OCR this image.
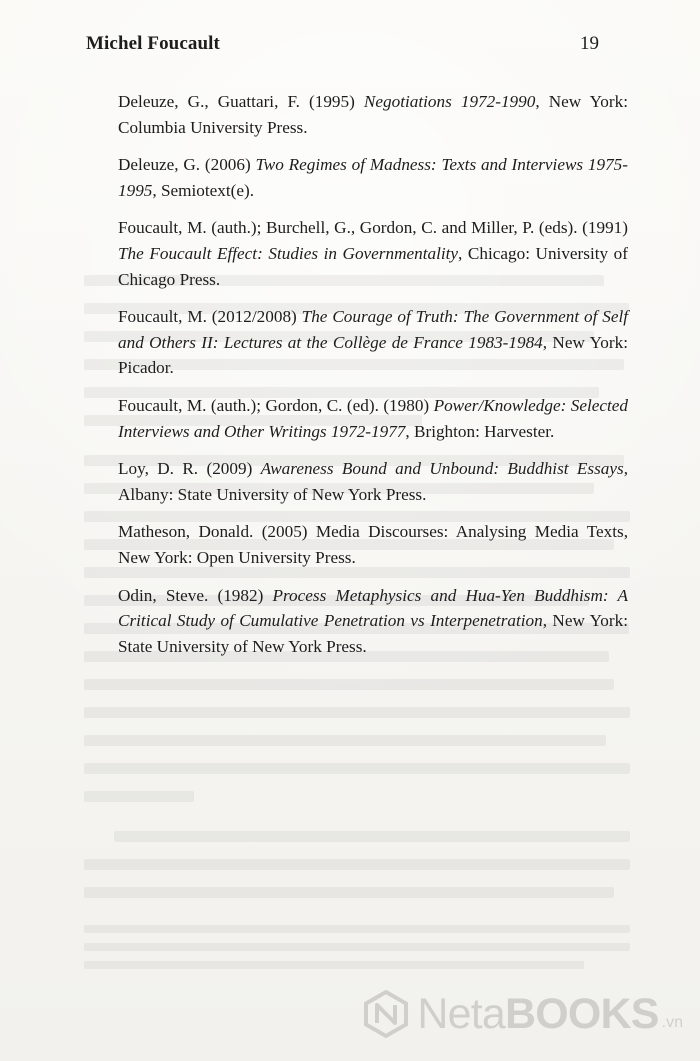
Michel Foucault	19

Deleuze, G., Guattari, F. (1995) Negotiations 1972-1990, New York: Columbia University Press.

Deleuze, G. (2006) Two Regimes of Madness: Texts and Interviews 1975-1995, Semiotext(e).

Foucault, M. (auth.); Burchell, G., Gordon, C. and Miller, P. (eds). (1991) The Foucault Effect: Studies in Governmentality, Chicago: University of Chicago Press.

Foucault, M. (2012/2008) The Courage of Truth: The Government of Self and Others II: Lectures at the Collège de France 1983-1984, New York: Picador.

Foucault, M. (auth.); Gordon, C. (ed). (1980) Power/Knowledge: Selected Interviews and Other Writings 1972-1977, Brighton: Harvester.

Loy, D. R. (2009) Awareness Bound and Unbound: Buddhist Essays, Albany: State University of New York Press.

Matheson, Donald. (2005) Media Discourses: Analysing Media Texts, New York: Open University Press.

Odin, Steve. (1982) Process Metaphysics and Hua-Yen Buddhism: A Critical Study of Cumulative Penetration vs Interpenetration, New York: State University of New York Press.

NetaBOOKS .vn
